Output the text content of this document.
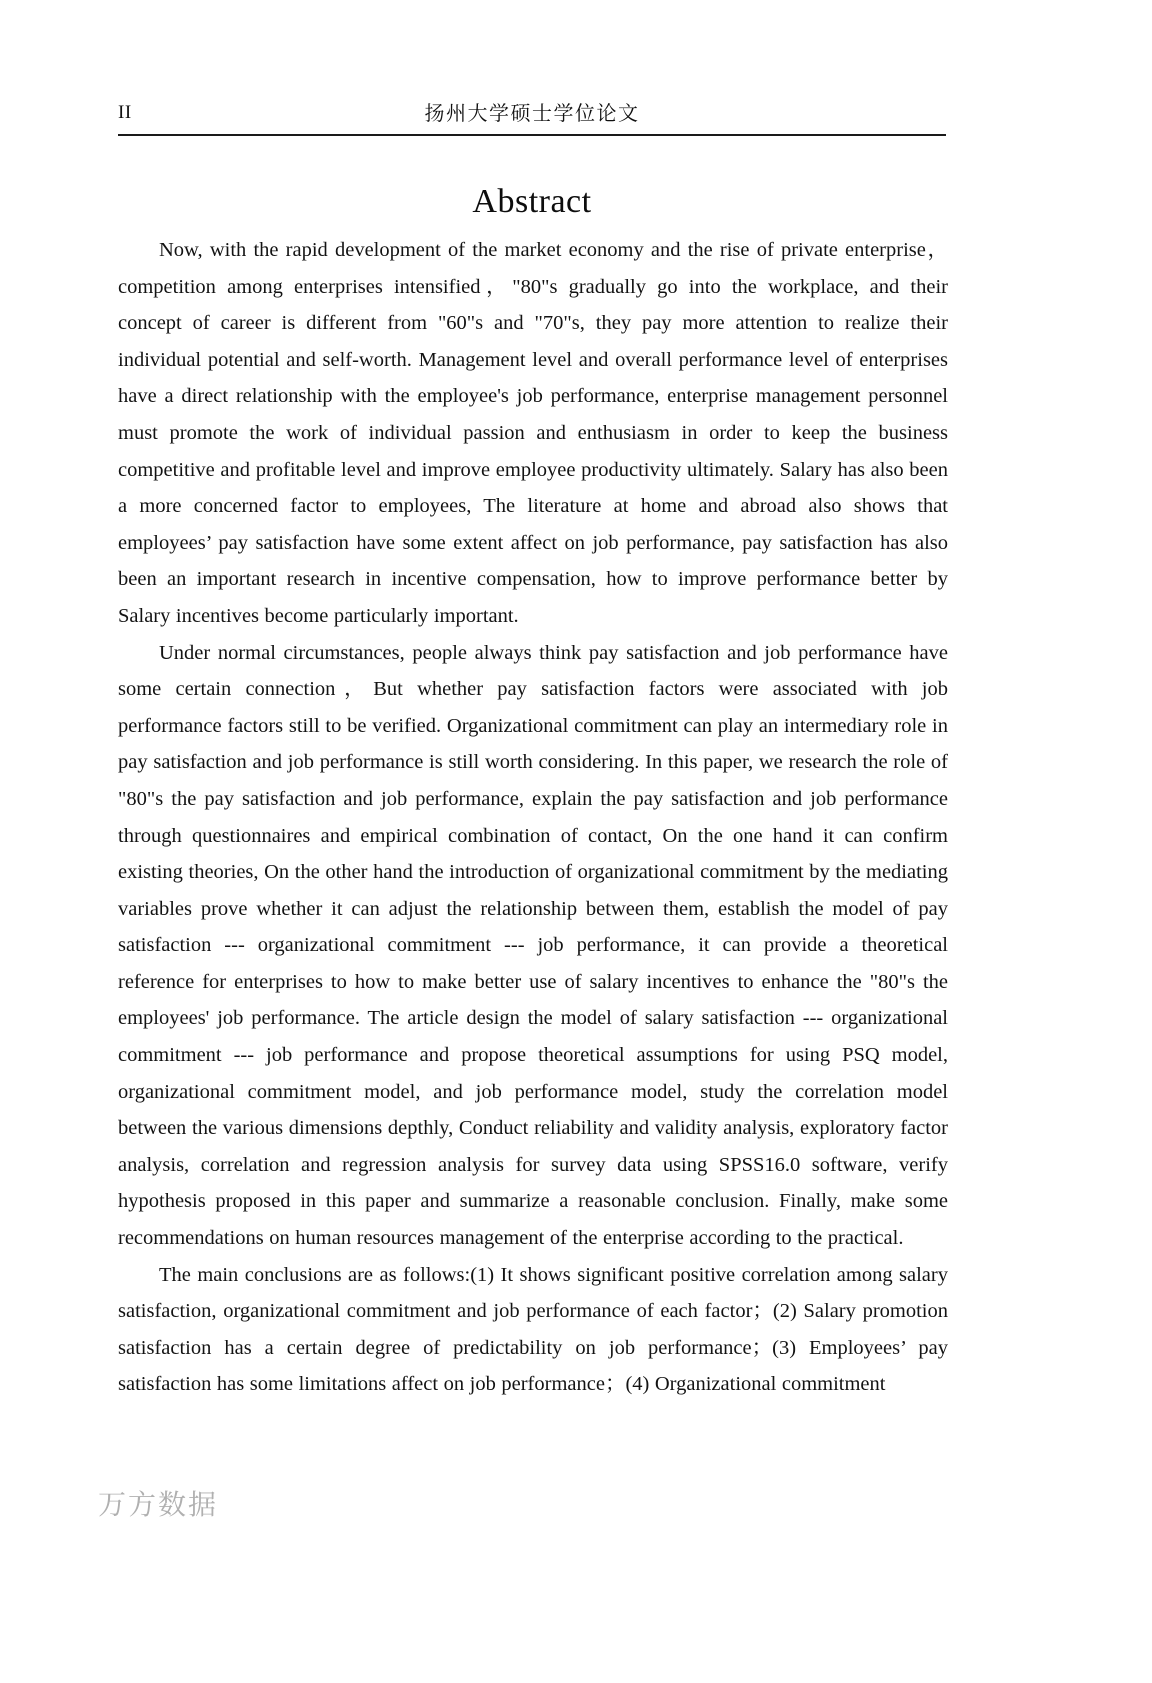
II	扬州大学硕士学位论文
Abstract

Now, with the rapid development of the market economy and the rise of private enterprise，competition among enterprises intensified，"80"s gradually go into the workplace, and their concept of career is different from "60"s and "70"s, they pay more attention to realize their individual potential and self-worth. Management level and overall performance level of enterprises have a direct relationship with the employee's job performance, enterprise management personnel must promote the work of individual passion and enthusiasm in order to keep the business competitive and profitable level and improve employee productivity ultimately. Salary has also been a more concerned factor to employees, The literature at home and abroad also shows that employees’ pay satisfaction have some extent affect on job performance, pay satisfaction has also been an important research in incentive compensation, how to improve performance better by Salary incentives become particularly important.

Under normal circumstances, people always think pay satisfaction and job performance have some certain connection，But whether pay satisfaction factors were associated with job performance factors still to be verified. Organizational commitment can play an intermediary role in pay satisfaction and job performance is still worth considering. In this paper, we research the role of "80"s the pay satisfaction and job performance, explain the pay satisfaction and job performance through questionnaires and empirical combination of contact, On the one hand it can confirm existing theories, On the other hand the introduction of organizational commitment by the mediating variables prove whether it can adjust the relationship between them, establish the model of pay satisfaction --- organizational commitment --- job performance, it can provide a theoretical reference for enterprises to how to make better use of salary incentives to enhance the "80"s the employees' job performance. The article design the model of salary satisfaction --- organizational commitment --- job performance and propose theoretical assumptions for using PSQ model, organizational commitment model, and job performance model, study the correlation model between the various dimensions depthly, Conduct reliability and validity analysis, exploratory factor analysis, correlation and regression analysis for survey data using SPSS16.0 software, verify hypothesis proposed in this paper and summarize a reasonable conclusion. Finally, make some recommendations on human resources management of the enterprise according to the practical.

The main conclusions are as follows:(1) It shows significant positive correlation among salary satisfaction, organizational commitment and job performance of each factor；(2) Salary promotion satisfaction has a certain degree of predictability on job performance；(3) Employees’ pay satisfaction has some limitations affect on job performance；(4) Organizational commitment

万方数据
